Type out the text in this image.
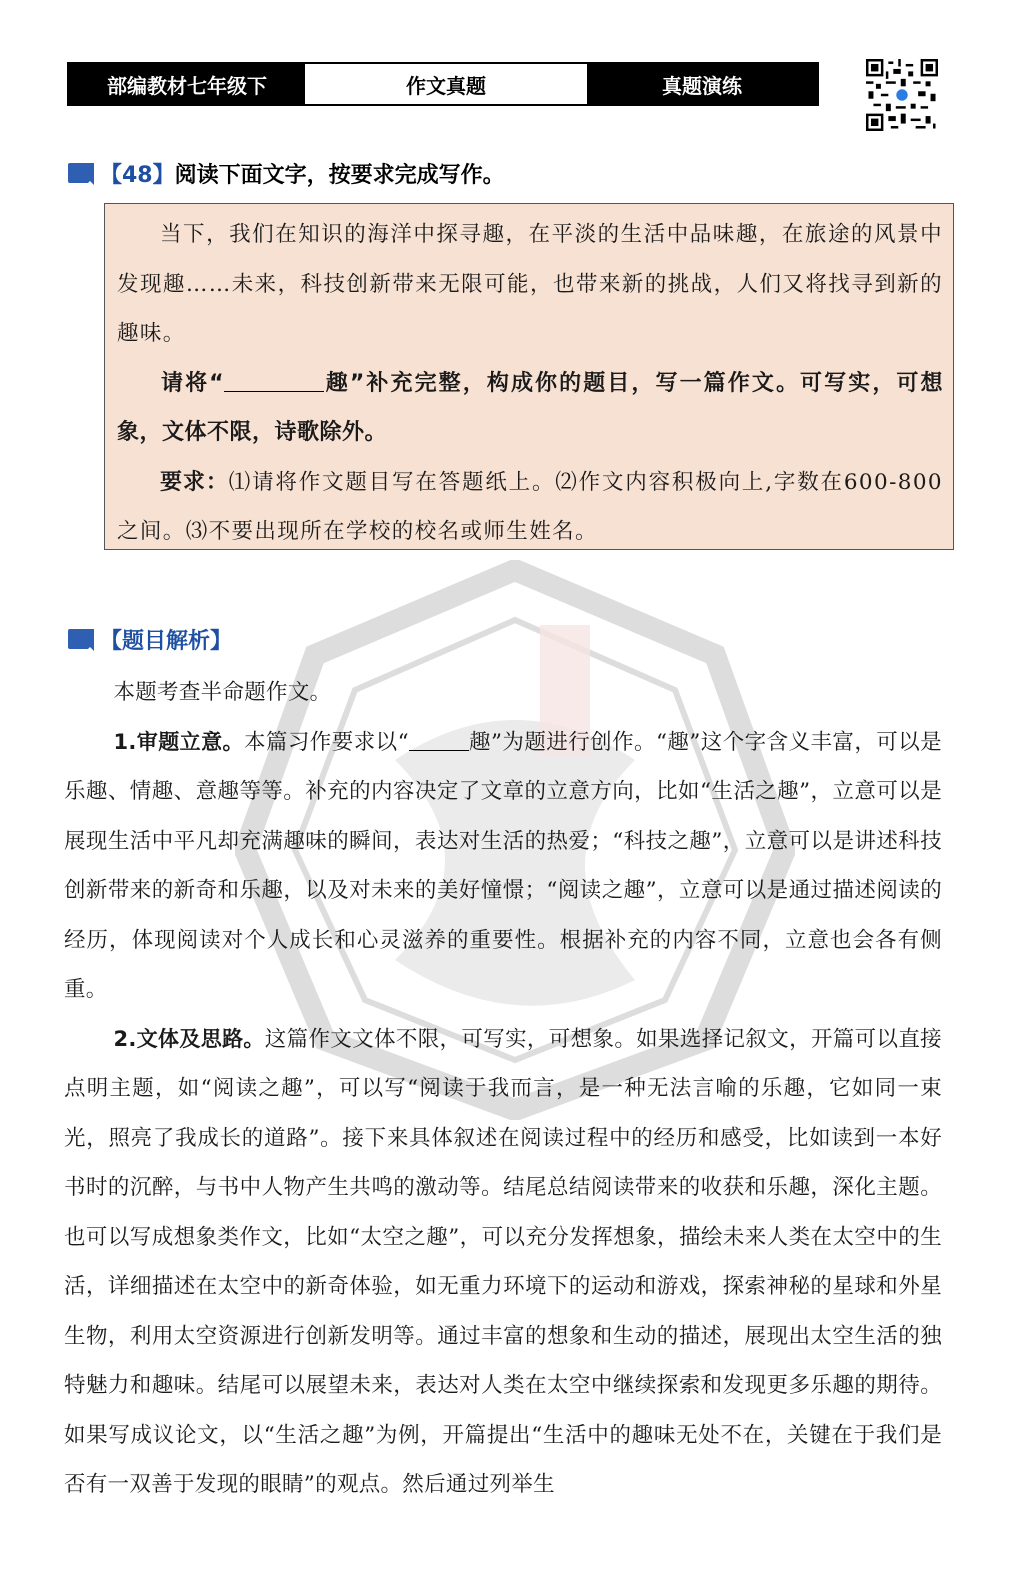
部编教材七年级下	作文真题	真题演练
【48】 阅读下面文字，按要求完成写作。

当下，我们在知识的海洋中探寻趣，在平淡的生活中品味趣，在旅途的风景中发现趣……未来，科技创新带来无限可能，也带来新的挑战，人们又将找寻到新的趣味。

请将“	趣”补充完整，构成你的题目，写一篇作文。可写实，可想象，文体不限，诗歌除外。

要求：⑴请将作文题目写在答题纸上。⑵作文内容积极向上,字数在600-800之间。⑶不要出现所在学校的校名或师生姓名。

【题目解析】

本题考查半命题作文。

1.审题立意。本篇习作要求以“	趣”为题进行创作。“趣”这个字含义丰富，可以是乐趣、情趣、意趣等等。补充的内容决定了文章的立意方向，比如“生活之趣”，立意可以是展现生活中平凡却充满趣味的瞬间，表达对生活的热爱；“科技之趣”，立意可以是讲述科技创新带来的新奇和乐趣，以及对未来的美好憧憬；“阅读之趣”，立意可以是通过描述阅读的经历，体现阅读对个人成长和心灵滋养的重要性。根据补充的内容不同，立意也会各有侧重。

2.文体及思路。这篇作文文体不限，可写实，可想象。如果选择记叙文，开篇可以直接点明主题，如“阅读之趣”，可以写“阅读于我而言，是一种无法言喻的乐趣，它如同一束光，照亮了我成长的道路”。接下来具体叙述在阅读过程中的经历和感受，比如读到一本好书时的沉醉，与书中人物产生共鸣的激动等。结尾总结阅读带来的收获和乐趣，深化主题。也可以写成想象类作文，比如“太空之趣”，可以充分发挥想象，描绘未来人类在太空中的生活，详细描述在太空中的新奇体验，如无重力环境下的运动和游戏，探索神秘的星球和外星生物，利用太空资源进行创新发明等。通过丰富的想象和生动的描述，展现出太空生活的独特魅力和趣味。结尾可以展望未来，表达对人类在太空中继续探索和发现更多乐趣的期待。如果写成议论文，以“生活之趣”为例，开篇提出“生活中的趣味无处不在，关键在于我们是否有一双善于发现的眼睛”的观点。然后通过列举生
